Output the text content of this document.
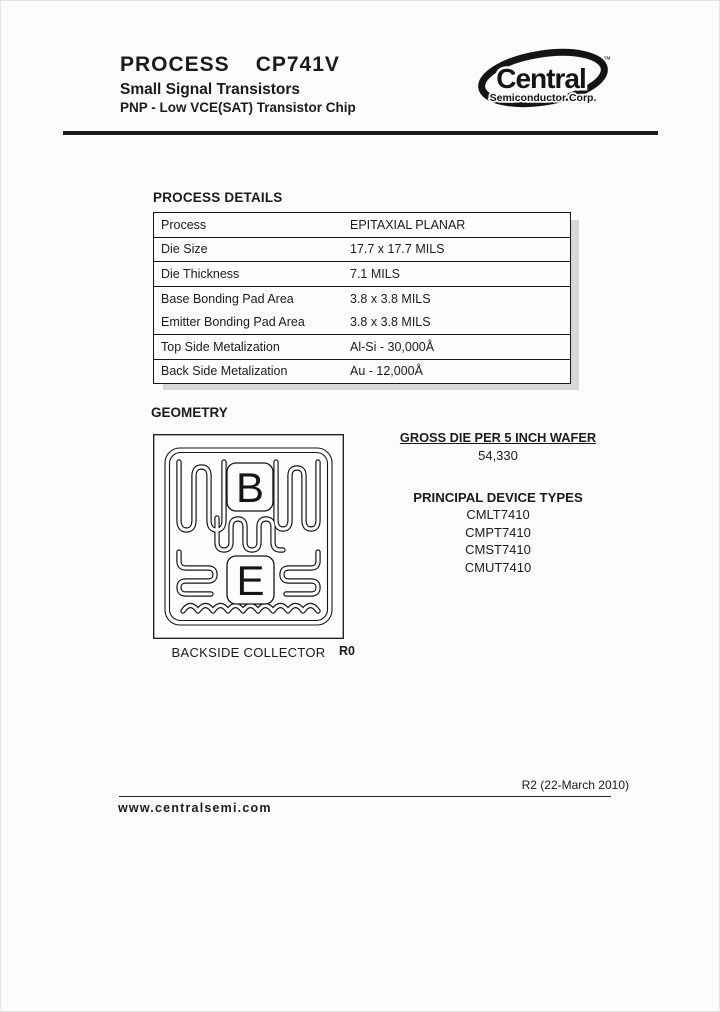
PROCESS CP741V
Small Signal Transistors
PNP - Low VCE(SAT) Transistor Chip
Central
Semiconductor Corp.
™
PROCESS DETAILS
Process	EPITAXIAL PLANAR
Die Size	17.7 x 17.7 MILS
Die Thickness	7.1 MILS
Base Bonding Pad Area	3.8 x 3.8 MILS
Emitter Bonding Pad Area	3.8 x 3.8 MILS
Top Side Metalization	Al-Si - 30,000Å
Back Side Metalization	Au - 12,000Å
GEOMETRY
B
E
BACKSIDE COLLECTOR	R0
GROSS DIE PER 5 INCH WAFER
54,330
PRINCIPAL DEVICE TYPES
CMLT7410
CMPT7410
CMST7410
CMUT7410
R2 (22-March 2010)
www.centralsemi.com
